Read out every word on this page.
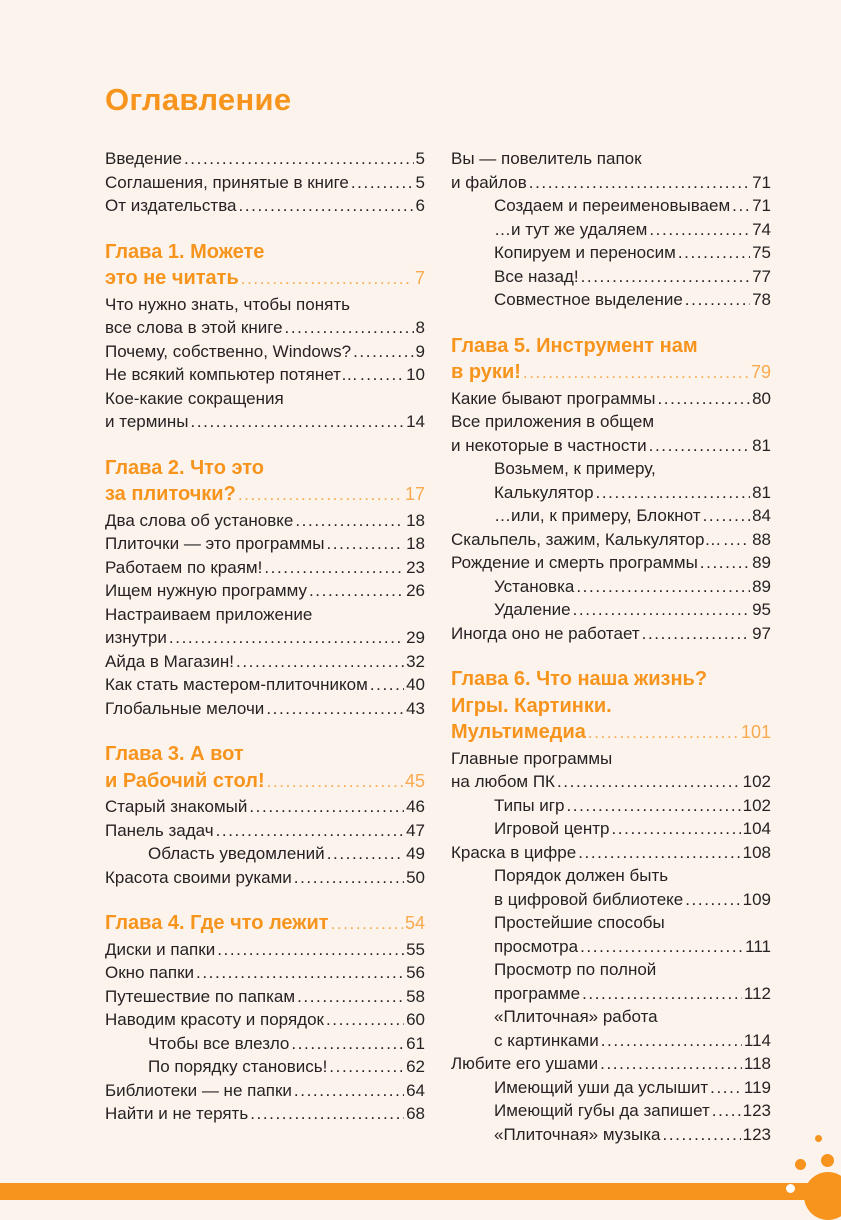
Оглавление
Введение .....	5
Соглашения, принятые в книге .....	5
От издательства .....	6
Глава 1. Можете
это не читать .....	7
Что нужно знать, чтобы понять
все слова в этой книге .....	8
Почему, собственно, Windows? .....	9
Не всякий компьютер потянет… .....	10
Кое-какие сокращения
и термины .....	14
Глава 2. Что это
за плиточки? .....	17
Два слова об установке .....	18
Плиточки — это программы .....	18
Работаем по краям! .....	23
Ищем нужную программу .....	26
Настраиваем приложение
изнутри .....	29
Айда в Магазин! .....	32
Как стать мастером-плиточником ..... 40
Глобальные мелочи .....	43
Глава 3. А вот
и Рабочий стол! .....	45
Старый знакомый .....	46
Панель задач .....	47
Область уведомлений .....	49
Красота своими руками .....	50
Глава 4. Где что лежит .....	54
Диски и папки .....	55
Окно папки .....	56
Путешествие по папкам .....	58
Наводим красоту и порядок .....	60
Чтобы все влезло .....	61
По порядку становись! .....	62
Библиотеки — не папки .....	64
Найти и не терять .....	68
Вы — повелитель папок
и файлов .....	71
Создаем и переименовываем ..... 71
…и тут же удаляем .....	74
Копируем и переносим .....	75
Все назад! .....	77
Совместное выделение .....	78
Глава 5. Инструмент нам
в руки! .....	79
Какие бывают программы .....	80
Все приложения в общем
и некоторые в частности .....	81
Возьмем, к примеру,
Калькулятор .....	81
…или, к примеру, Блокнот .....	84
Скальпель, зажим, Калькулятор… ..... 88
Рождение и смерть программы .....	89
Установка .....	89
Удаление .....	95
Иногда оно не работает .....	97
Глава 6. Что наша жизнь?
Игры. Картинки.
Мультимедиа .....	101
Главные программы
на любом ПК .....	102
Типы игр .....	102
Игровой центр .....	104
Краска в цифре .....	108
Порядок должен быть
в цифровой библиотеке .....	109
Простейшие способы
просмотра .....	111
Просмотр по полной
программе .....	112
«Плиточная» работа
с картинками .....	114
Любите его ушами .....	118
Имеющий уши да услышит ..... 119
Имеющий губы да запишет ..... 123
«Плиточная» музыка .....	123
